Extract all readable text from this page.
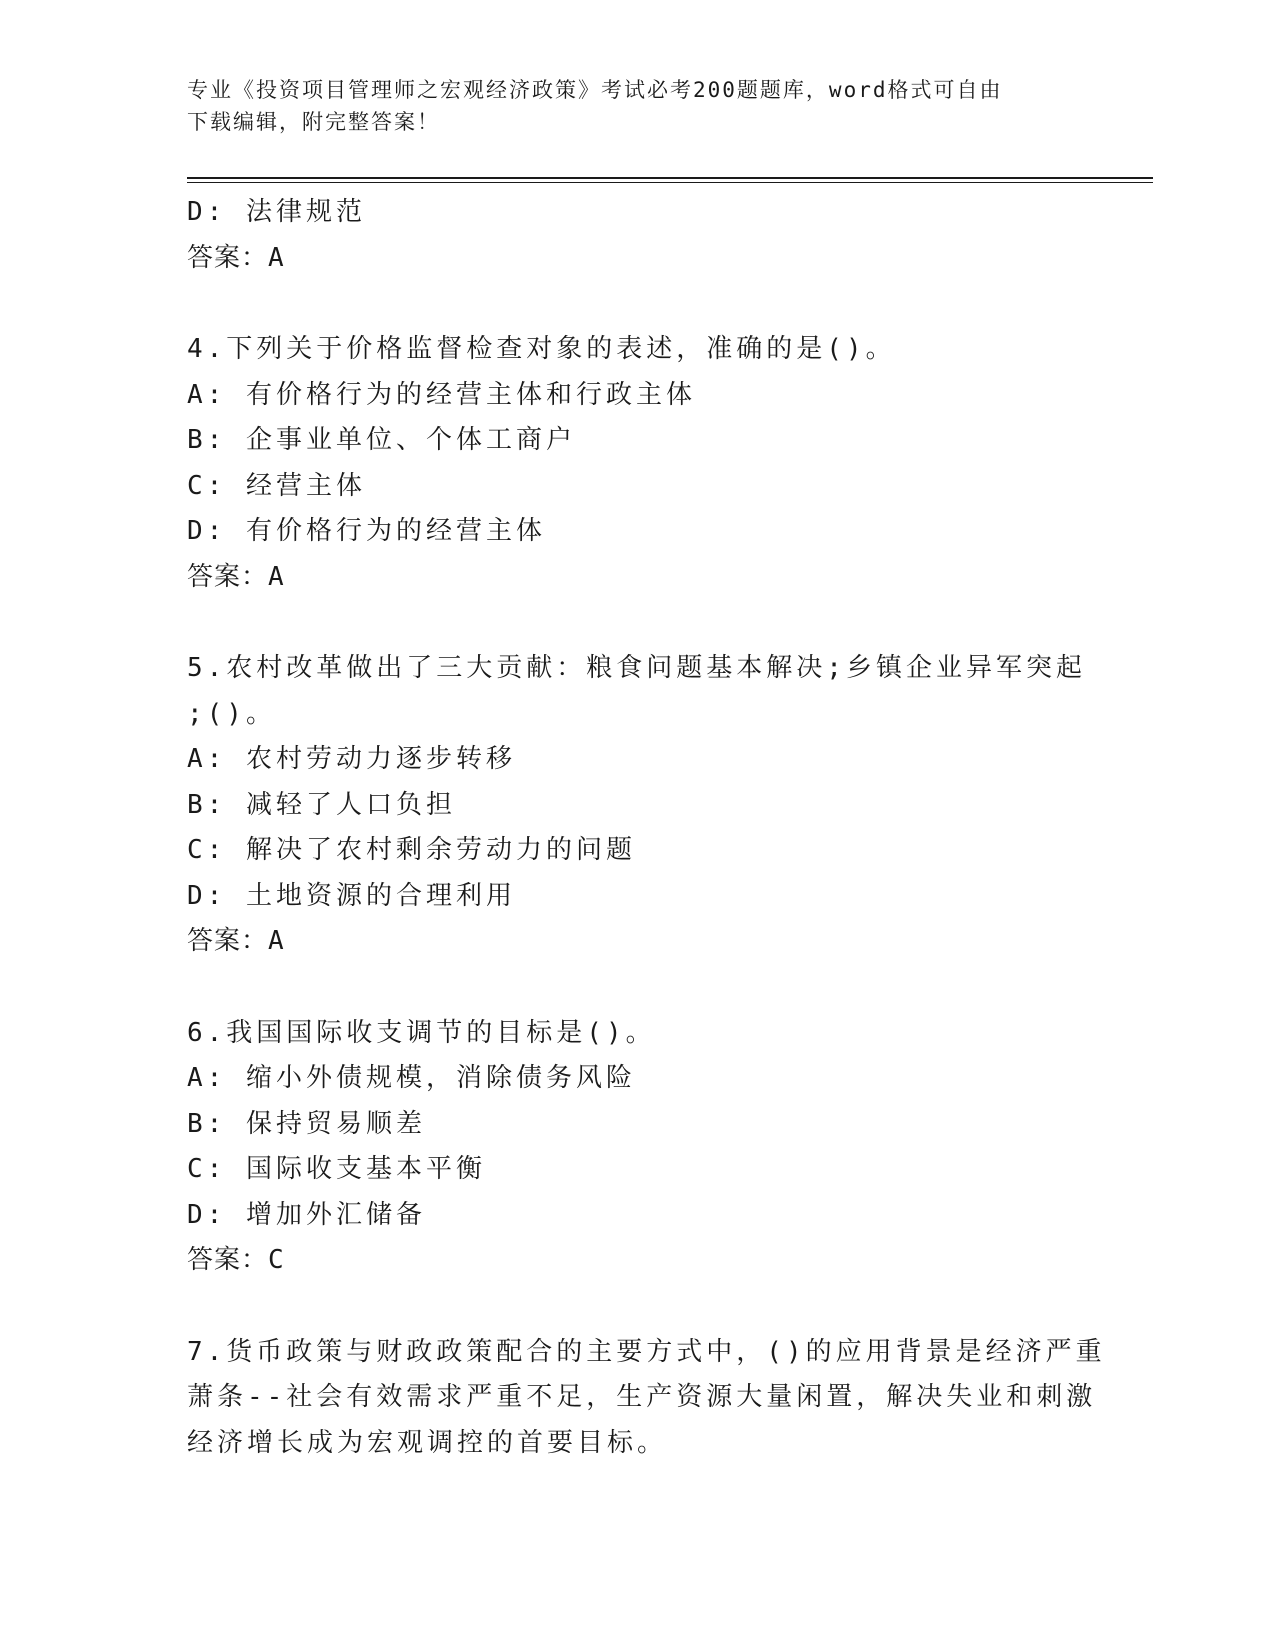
专业《投资项目管理师之宏观经济政策》考试必考200题题库，word格式可自由
下载编辑，附完整答案！
D: 法律规范
答案：A
4.下列关于价格监督检查对象的表述，准确的是()。
A: 有价格行为的经营主体和行政主体
B: 企事业单位、个体工商户
C: 经营主体
D: 有价格行为的经营主体
答案：A
5.农村改革做出了三大贡献：粮食问题基本解决;乡镇企业异军突起
;()。
A: 农村劳动力逐步转移
B: 减轻了人口负担
C: 解决了农村剩余劳动力的问题
D: 土地资源的合理利用
答案：A
6.我国国际收支调节的目标是()。
A: 缩小外债规模，消除债务风险
B: 保持贸易顺差
C: 国际收支基本平衡
D: 增加外汇储备
答案：C
7.货币政策与财政政策配合的主要方式中，()的应用背景是经济严重
萧条--社会有效需求严重不足，生产资源大量闲置，解决失业和刺激
经济增长成为宏观调控的首要目标。
